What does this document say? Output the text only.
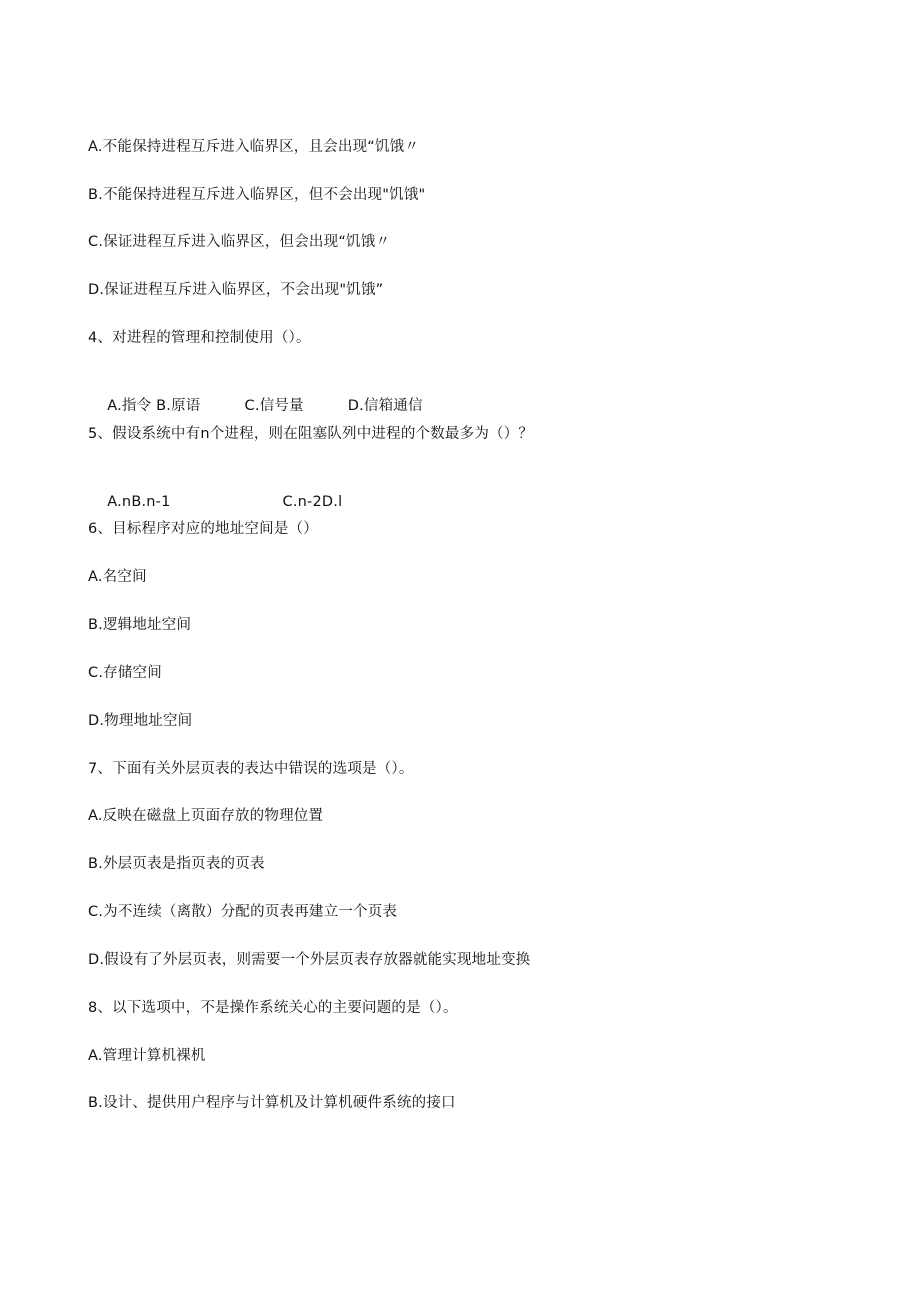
A.不能保持进程互斥进入临界区，且会出现“饥饿〃
B.不能保持进程互斥进入临界区，但不会出现"饥饿"
C.保证进程互斥进入临界区，但会出现“饥饿〃
D.保证进程互斥进入临界区，不会出现"饥饿”
4、对进程的管理和控制使用（）。

A.指令 B.原语	C.信号量	D.信箱通信

5、假设系统中有n个进程，则在阻塞队列中进程的个数最多为（）？

A.nB.n-1	C.n-2D.l

6、目标程序对应的地址空间是（）
A.名空间
B.逻辑地址空间
C.存储空间
D.物理地址空间
7、下面有关外层页表的表达中错误的选项是（）。
A.反映在磁盘上页面存放的物理位置
B.外层页表是指页表的页表
C.为不连续（离散）分配的页表再建立一个页表
D.假设有了外层页表，则需要一个外层页表存放器就能实现地址变换
8、以下选项中，不是操作系统关心的主要问题的是（）。
A.管理计算机裸机
B.设计、提供用户程序与计算机及计算机硬件系统的接口
